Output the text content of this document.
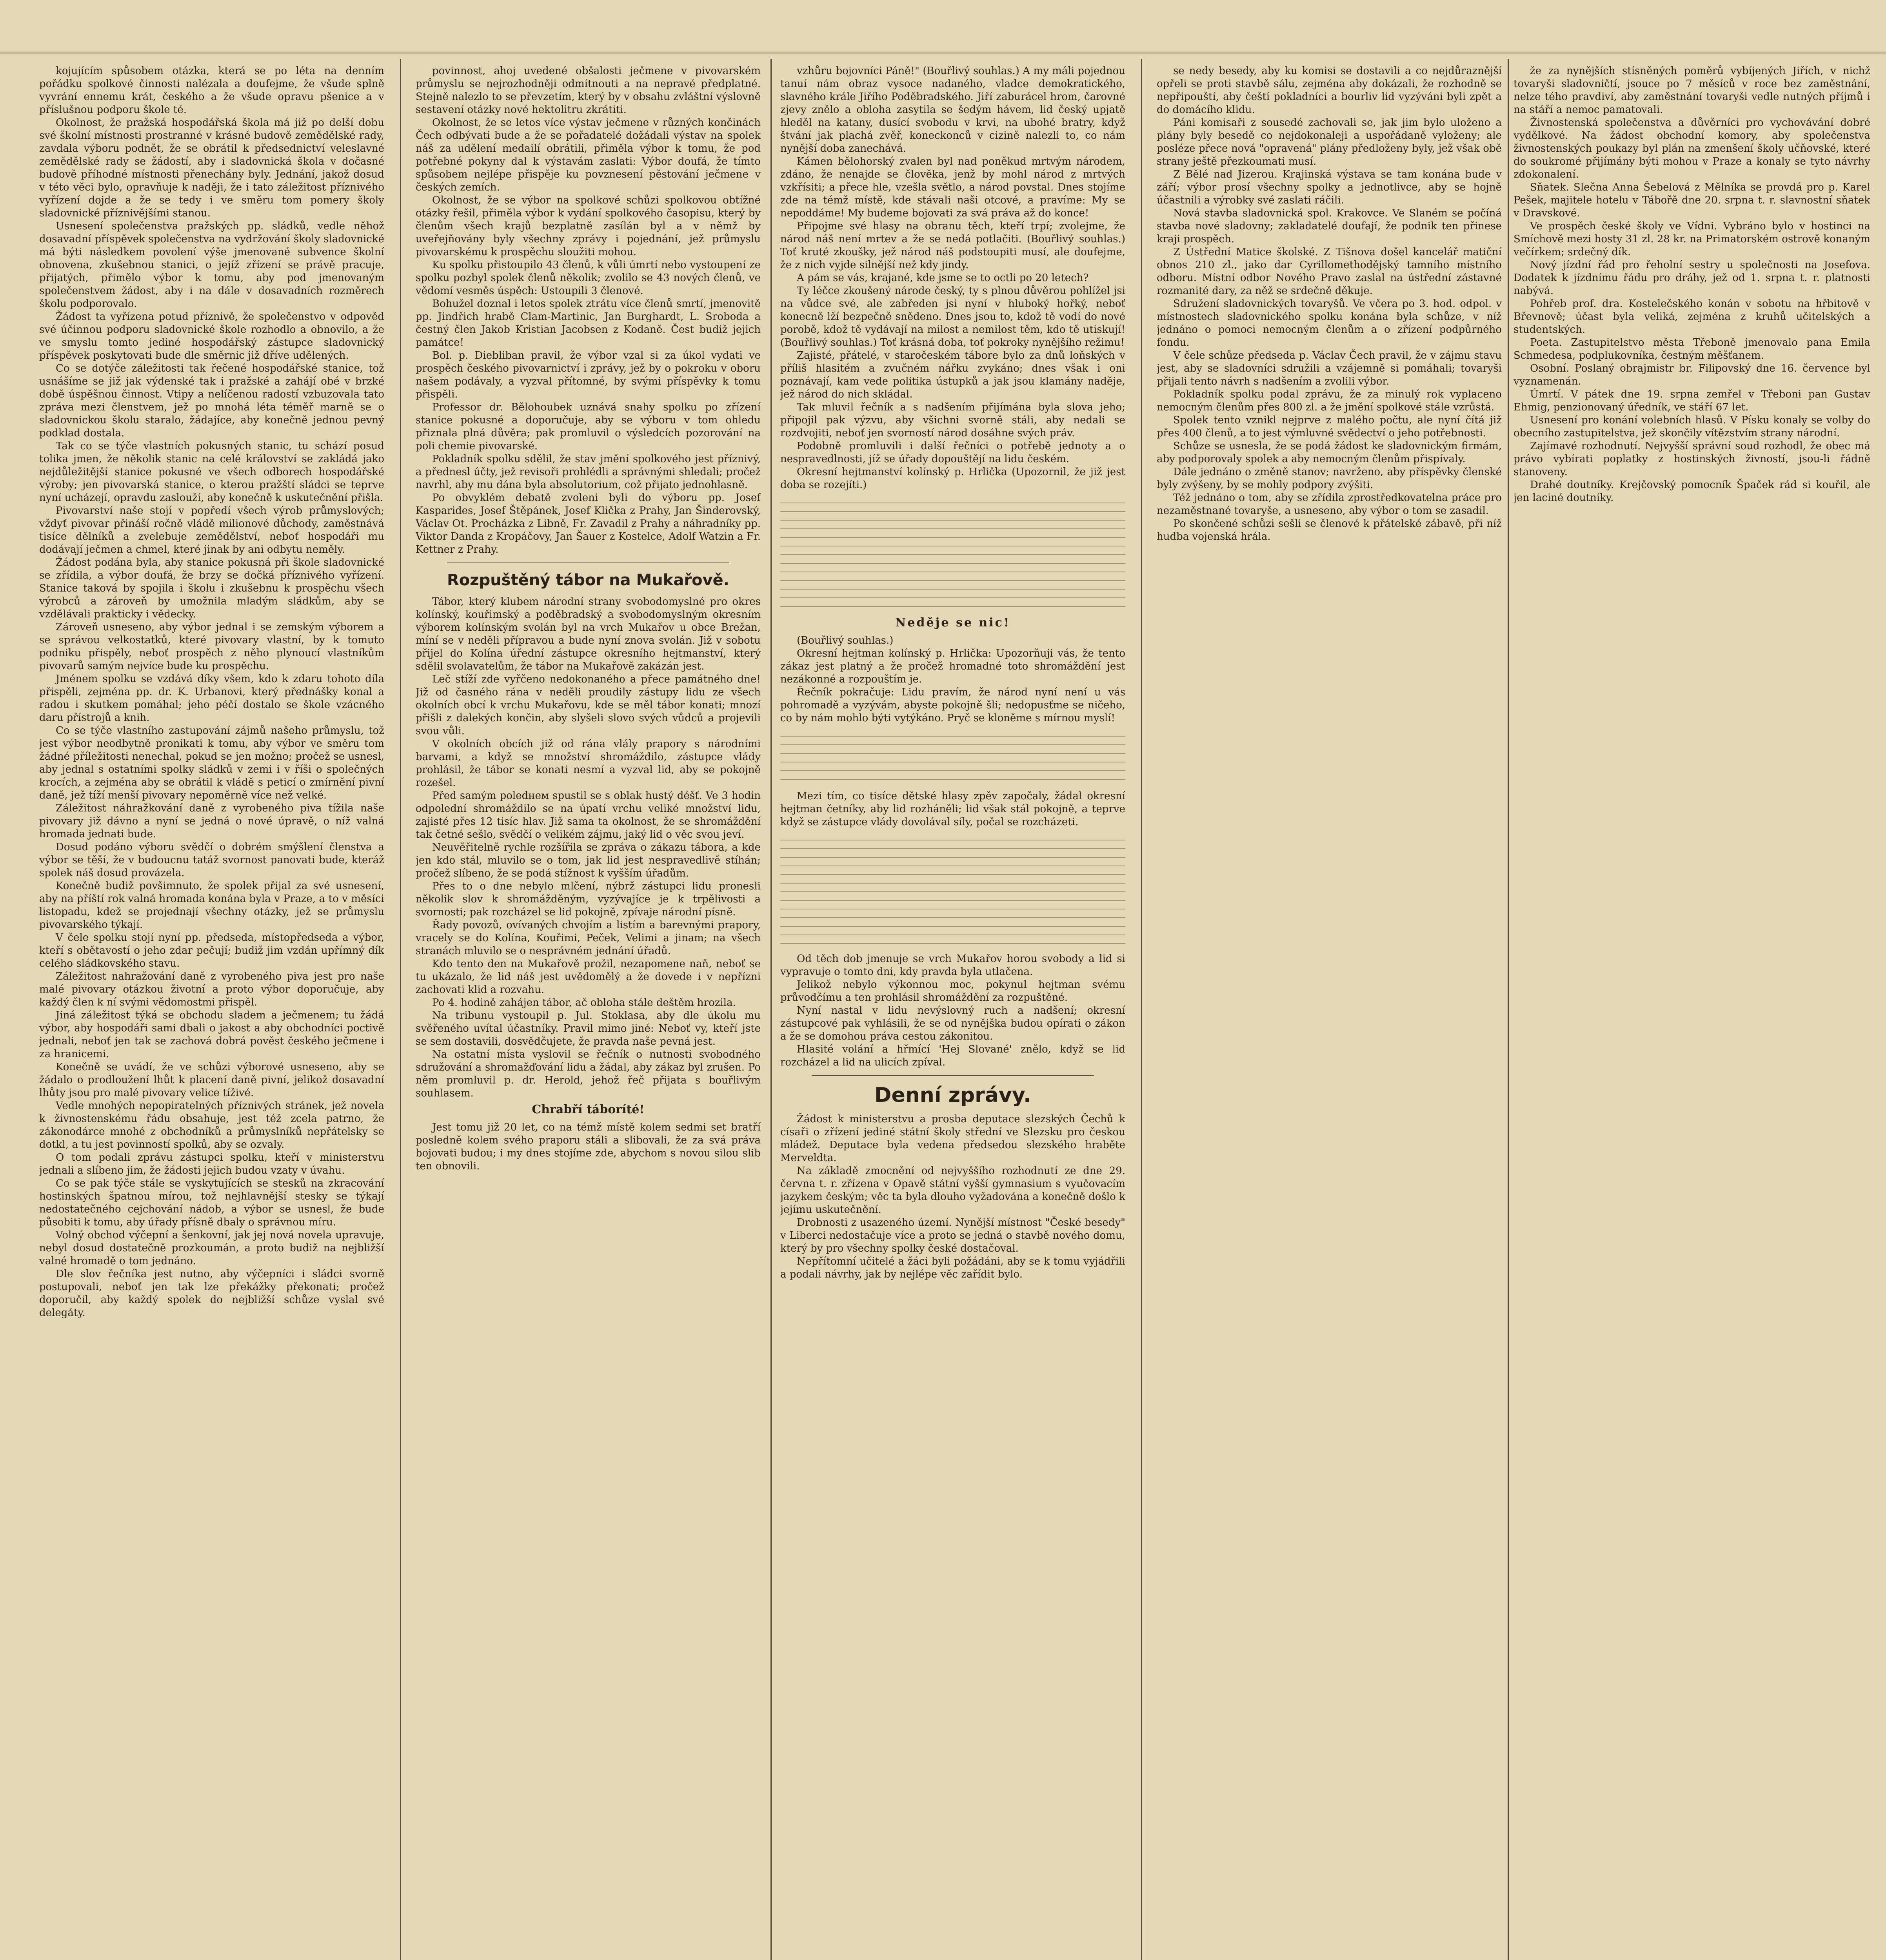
kojujícím spůsobem otázka, která se po léta na denním pořádku spolkové činnosti nalézala a doufejme, že všude splně vyvrání ennemu krát, českého a že všude opravu pšenice a v příslušnou podporu škole té.

Okolnost, že pražská hospodářská škola má již po delší dobu své školní místnosti prostranné v krásné budově zemědělské rady, zavdala výboru podnět, že se obrátil k předsednictví veleslavné zemědělské rady se žádostí, aby i sladovnická škola v dočasné budově příhodné místnosti přenechány byly. Jednání, jakož dosud v této věci bylo, opravňuje k naději, že i tato záležitost příznivého vyřízení dojde a že se tedy i ve směru tom pomery školy sladovnické příznivějšími stanou.

Usnesení společenstva pražských pp. sládků, vedle něhož dosavadní příspěvek společenstva na vydržování školy sladovnické má býti následkem povolení výše jmenované subvence školní obnovena, zkušebnou stanici, o jejíž zřízení se právě pracuje, přijatých, přimělo výbor k tomu, aby pod jmenovaným společenstvem žádost, aby i na dále v dosavadních rozměrech školu podporovalo.

Žádost ta vyřízena potud příznivě, že společenstvo v odpověď své účinnou podporu sladovnické škole rozhodlo a obnovilo, a že ve smyslu tomto jediné hospodářský zástupce sladovnický příspěvek poskytovati bude dle směrnic již dříve udělených.

Co se dotýče záležitosti tak řečené hospodářské stanice, tož usnášíme se již jak výdenské tak i pražské a zahájí obé v brzké době úspěšnou činnost. Vtipy a nelíčenou radostí vzbuzovala tato zpráva mezi členstvem, jež po mnohá léta téměř marně se o sladovnickou školu staralo, žádajíce, aby konečně jednou pevný podklad dostala.

Tak co se týče vlastních pokusných stanic, tu schází posud tolika jmen, že několik stanic na celé království se zakládá jako nejdůležitější stanice pokusné ve všech odborech hospodářské výroby; jen pivovarská stanice, o kterou pražští sládci se teprve nyní ucházejí, opravdu zaslouží, aby konečně k uskutečnění přišla.

Pivovarství naše stojí v popředí všech výrob průmyslových; vždyť pivovar přináší ročně vládě milionové důchody, zaměstnává tisíce dělníků a zvelebuje zemědělství, neboť hospodáři mu dodávají ječmen a chmel, které jinak by ani odbytu neměly.

Žádost podána byla, aby stanice pokusná při škole sladovnické se zřídila, a výbor doufá, že brzy se dočká příznivého vyřízení. Stanice taková by spojila i školu i zkušebnu k prospěchu všech výrobců a zároveň by umožnila mladým sládkům, aby se vzdělávali prakticky i vědecky.

Zároveň usneseno, aby výbor jednal i se zemským výborem a se správou velkostatků, které pivovary vlastní, by k tomuto podniku přispěly, neboť prospěch z něho plynoucí vlastníkům pivovarů samým nejvíce bude ku prospěchu.

Jménem spolku se vzdává díky všem, kdo k zdaru tohoto díla přispěli, zejména pp. dr. K. Urbanovi, který přednášky konal a radou i skutkem pomáhal; jeho péčí dostalo se škole vzácného daru přístrojů a knih.

Co se týče vlastního zastupování zájmů našeho průmyslu, tož jest výbor neodbytně pronikati k tomu, aby výbor ve směru tom žádné příležitosti nenechal, pokud se jen možno; pročež se usnesl, aby jednal s ostatními spolky sládků v zemi i v říši o společných krocích, a zejména aby se obrátil k vládě s peticí o zmírnění pivní daně, jež tíží menší pivovary nepoměrně více než velké.

Záležitost náhražkování daně z vyrobeného piva tížila naše pivovary již dávno a nyní se jedná o nové úpravě, o níž valná hromada jednati bude.

Dosud podáno výboru svědčí o dobrém smýšlení členstva a výbor se těší, že v budoucnu tatáž svornost panovati bude, kteráž spolek náš dosud provázela.

Konečně budiž povšimnuto, že spolek přijal za své usnesení, aby na příští rok valná hromada konána byla v Praze, a to v měsíci listopadu, kdež se projednají všechny otázky, jež se průmyslu pivovarského týkají.

V čele spolku stojí nyní pp. předseda, místopředseda a výbor, kteří s obětavostí o jeho zdar pečují; budiž jim vzdán upřímný dík celého sládkovského stavu.

Záležitost nahražování daně z vyrobeného piva jest pro naše malé pivovary otázkou životní a proto výbor doporučuje, aby každý člen k ní svými vědomostmi přispěl.

Jiná záležitost týká se obchodu sladem a ječmenem; tu žádá výbor, aby hospodáři sami dbali o jakost a aby obchodníci poctivě jednali, neboť jen tak se zachová dobrá pověst českého ječmene i za hranicemi.

Konečně se uvádí, že ve schůzi výborové usneseno, aby se žádalo o prodloužení lhůt k placení daně pivní, jelikož dosavadní lhůty jsou pro malé pivovary velice tíživé.

Vedle mnohých nepopiratelných příznivých stránek, jež novela k živnostenskému řádu obsahuje, jest též zcela patrno, že zákonodárce mnohé z obchodníků a průmyslníků nepřátelsky se dotkl, a tu jest povinností spolků, aby se ozvaly.

O tom podali zprávu zástupci spolku, kteří v ministerstvu jednali a slíbeno jim, že žádosti jejich budou vzaty v úvahu.

Co se pak týče stále se vyskytujících se stesků na zkracování hostinských špatnou mírou, tož nejhlavnější stesky se týkají nedostatečného cejchování nádob, a výbor se usnesl, že bude působiti k tomu, aby úřady přísně dbaly o správnou míru.

Volný obchod výčepní a šenkovní, jak jej nová novela upravuje, nebyl dosud dostatečně prozkoumán, a proto budiž na nejbližší valné hromadě o tom jednáno.

Dle slov řečníka jest nutno, aby výčepníci i sládci svorně postupovali, neboť jen tak lze překážky překonati; pročež doporučil, aby každý spolek do nejbližší schůze vyslal své delegáty.

povinnost, ahoj uvedené obšalosti ječmene v pivovarském průmyslu se nejrozhodněji odmítnouti a na nepravé předplatné. Stejně nalezlo to se převzetím, který by v obsahu zvláštní výslovně sestavení otázky nové hektolitru zkrátiti.

Okolnost, že se letos více výstav ječmene v různých končinách Čech odbývati bude a že se pořadatelé dožádali výstav na spolek náš za udělení medailí obrátili, přiměla výbor k tomu, že pod potřebné pokyny dal k výstavám zaslati: Výbor doufá, že tímto spůsobem nejlépe přispěje ku povznesení pěstování ječmene v českých zemích.

Okolnost, že se výbor na spolkové schůzi spolkovou obtížné otázky řešil, přiměla výbor k vydání spolkového časopisu, který by členům všech krajů bezplatně zasílán byl a v němž by uveřejňovány byly všechny zprávy i pojednání, jež průmyslu pivovarskému k prospěchu sloužiti mohou.

Ku spolku přistoupilo 43 členů, k vůli úmrtí nebo vystoupení ze spolku pozbyl spolek členů několik; zvolilo se 43 nových členů, ve vědomí vesměs úspěch: Ustoupili 3 členové.

Bohužel doznal i letos spolek ztrátu více členů smrtí, jmenovitě pp. Jindřich hrabě Clam-Martinic, Jan Burghardt, L. Sroboda a čestný člen Jakob Kristian Jacobsen z Kodaně. Čest budiž jejich památce!

Bol. p. Diebliban pravil, že výbor vzal si za úkol vydati ve prospěch českého pivovarnictví i zprávy, jež by o pokroku v oboru našem podávaly, a vyzval přítomné, by svými příspěvky k tomu přispěli.

Professor dr. Bělohoubek uznává snahy spolku po zřízení stanice pokusné a doporučuje, aby se výboru v tom ohledu přiznala plná důvěra; pak promluvil o výsledcích pozorování na poli chemie pivovarské.

Pokladník spolku sdělil, že stav jmění spolkového jest příznivý, a přednesl účty, jež revisoři prohlédli a správnými shledali; pročež navrhl, aby mu dána byla absolutorium, což přijato jednohlasně.

Po obvyklém debatě zvoleni byli do výboru pp. Josef Kasparides, Josef Štěpánek, Josef Klička z Prahy, Jan Šinderovský, Václav Ot. Procházka z Libně, Fr. Zavadil z Prahy a náhradníky pp. Viktor Danda z Kropáčovy, Jan Šauer z Kostelce, Adolf Watzin a Fr. Kettner z Prahy.

Rozpuštěný tábor na Mukařově.

Tábor, který klubem národní strany svobodomyslné pro okres kolínský, kouřimský a poděbradský a svobodomyslným okresním výborem kolínským svolán byl na vrch Mukařov u obce Brežan, míní se v neděli přípravou a bude nyní znova svolán. Již v sobotu přijel do Kolína úřední zástupce okresního hejtmanství, který sdělil svolavatelům, že tábor na Mukařově zakázán jest.

Leč stíží zde vyřčeno nedokonaného a přece památného dne! Již od časného rána v neděli proudily zástupy lidu ze všech okolních obcí k vrchu Mukařovu, kde se měl tábor konati; mnozí přišli z dalekých končin, aby slyšeli slovo svých vůdců a projevili svou vůli.

V okolních obcích již od rána vlály prapory s národními barvami, a když se množství shromáždilo, zástupce vlády prohlásil, že tábor se konati nesmí a vyzval lid, aby se pokojně rozešel.

Před samým poledнем spustil se s oblak hustý déšť. Ve 3 hodin odpolední shromáždilo se na úpatí vrchu veliké množství lidu, zajisté přes 12 tisíc hlav. Již sama ta okolnost, že se shromáždění tak četné sešlo, svědčí o velikém zájmu, jaký lid o věc svou jeví.

Neuvěřitelně rychle rozšířila se zpráva o zákazu tábora, a kde jen kdo stál, mluvilo se o tom, jak lid jest nespravedlivě stíhán; pročež slíbeno, že se podá stížnost k vyšším úřadům.

Přes to o dne nebylo mlčení, nýbrž zástupci lidu pronesli několik slov k shromážděným, vyzývajíce je k trpělivosti a svornosti; pak rozcházel se lid pokojně, zpívaje národní písně.

Řady povozů, ovívaných chvojím a listím a barevnými prapory, vracely se do Kolína, Kouřimi, Peček, Velimi a jinam; na všech stranách mluvilo se o nesprávném jednání úřadů.

Kdo tento den na Mukařově prožil, nezapomene naň, neboť se tu ukázalo, že lid náš jest uvědomělý a že dovede i v nepřízni zachovati klid a rozvahu.

Po 4. hodině zahájen tábor, ač obloha stále deštěm hrozila.

Na tribunu vystoupil p. Jul. Stoklasa, aby dle úkolu mu svěřeného uvítal účastníky. Pravil mimo jiné: Neboť vy, kteří jste se sem dostavili, dosvědčujete, že pravda naše pevná jest.

Na ostatní místa vyslovil se řečník o nutnosti svobodného sdružování a shromažďování lidu a žádal, aby zákaz byl zrušen. Po něm promluvil p. dr. Herold, jehož řeč přijata s bouřlivým souhlasem.

Chrabří táboríté!

Jest tomu již 20 let, co na témž místě kolem sedmi set bratří posledně kolem svého praporu stáli a slibovali, že za svá práva bojovati budou; i my dnes stojíme zde, abychom s novou silou slib ten obnovili.

vzhůru bojovníci Páně!" (Bouřlivý souhlas.) A my máli pojednou tanuí nám obraz vysoce nadaného, vladce demokratického, slavného krále Jiřího Poděbradského. Jiří zaburácel hrom, čarovné zjevy znělo a obloha zasytila se šedým hávem, lid český upjatě hleděl na katany, dusící svobodu v krvi, na ubohé bratry, když štvání jak plachá zvěř, koneckonců v cizině nalezli to, co nám nynější doba zanechává.

Kámen bělohorský zvalen byl nad poněkud mrtvým národem, zdáno, že nenajde se člověka, jenž by mohl národ z mrtvých vzkřísiti; a přece hle, vzešla světlo, a národ povstal. Dnes stojíme zde na témž místě, kde stávali naši otcové, a pravíme: My se nepoddáme! My budeme bojovati za svá práva až do konce!

Připojme své hlasy na obranu těch, kteří trpí; zvolejme, že národ náš není mrtev a že se nedá potlačiti. (Bouřlivý souhlas.) Toť kruté zkoušky, jež národ náš podstoupiti musí, ale doufejme, že z nich vyjde silnější než kdy jindy.

A pám se vás, krajané, kde jsme se to octli po 20 letech?

Ty léčce zkoušený národe český, ty s plnou důvěrou pohlížel jsi na vůdce své, ale zabředen jsi nyní v hluboký hořký, neboť konecně lží bezpečně snědeno. Dnes jsou to, kdož tě vodí do nové porobě, kdož tě vydávají na milost a nemilost těm, kdo tě utiskují! (Bouřlivý souhlas.) Toť krásná doba, toť pokroky nynějšího režimu!

Zajisté, přátelé, v staročeském tábore bylo za dnů loňských v příliš hlasitém a zvučném nářku zvykáno; dnes však i oni poznávají, kam vede politika ústupků a jak jsou klamány naděje, jež národ do nich skládal.

Tak mluvil řečník a s nadšením přijímána byla slova jeho; připojil pak výzvu, aby všichni svorně stáli, aby nedali se rozdvojiti, neboť jen svorností národ dosáhne svých práv.

Podobně promluvili i další řečníci o potřebě jednoty a o nespravedlnosti, jíž se úřady dopouštějí na lidu českém.

Okresní hejtmanství kolínský p. Hrlička (Upozornil, že již jest doba se rozejíti.)

Neděje se nic!

(Bouřlivý souhlas.)

Okresní hejtman kolínský p. Hrlička: Upozorňuji vás, že tento zákaz jest platný a že pročež hromadné toto shromáždění jest nezákonné a rozpouštím je.

Řečník pokračuje: Lidu pravím, že národ nyní není u vás pohromadě a vyzývám, abyste pokojně šli; nedopusťme se ničeho, co by nám mohlo býti vytýkáno. Pryč se kloněme s mírnou myslí!

Mezi tím, co tisíce dětské hlasy zpěv započaly, žádal okresní hejtman četníky, aby lid rozháněli; lid však stál pokojně, a teprve když se zástupce vlády dovolával síly, počal se rozcházeti.

Od těch dob jmenuje se vrch Mukařov horou svobody a lid si vypravuje o tomto dni, kdy pravda byla utlačena.

Jelikož nebylo výkonnou moc, pokynul hejtman svému průvodčímu a ten prohlásil shromáždění za rozpuštěné.

Nyní nastal v lidu nevýslovný ruch a nadšení; okresní zástupcové pak vyhlásili, že se od nynějška budou opírati o zákon a že se domohou práva cestou zákonitou.

Hlasité volání a hřmící 'Hej Slované' znělo, když se lid rozcházel a lid na ulicích zpíval.

Denní zprávy.

Žádost k ministerstvu a prosba deputace slezských Čechů k císaři o zřízení jediné státní školy střední ve Slezsku pro českou mládež. Deputace byla vedena předsedou slezského hraběte Merveldta.

Na základě zmocnění od nejvyššího rozhodnutí ze dne 29. června t. r. zřízena v Opavě státní vyšší gymnasium s vyučovacím jazykem českým; věc ta byla dlouho vyžadována a konečně došlo k jejímu uskutečnění.

Drobnosti z usazeného území. Nynější místnost "České besedy" v Liberci nedostačuje více a proto se jedná o stavbě nového domu, který by pro všechny spolky české dostačoval.

Nepřítomní učitelé a žáci byli požádáni, aby se k tomu vyjádřili a podali návrhy, jak by nejlépe věc zařídit bylo.

se nedy besedy, aby ku komisi se dostavili a co nejdůraznější opřeli se proti stavbě sálu, zejména aby dokázali, že rozhodně se nepřipouští, aby čeští pokladníci a bourliv lid vyzýváni byli zpět a do domácího klidu.

Páni komisaři z sousedé zachovali se, jak jim bylo uloženo a plány byly besedě co nejdokonaleji a uspořádaně vyloženy; ale posléze přece nová "opravená" plány předloženy byly, jež však obě strany ještě přezkoumati musí.

Z Bělé nad Jizerou. Krajinská výstava se tam konána bude v září; výbor prosí všechny spolky a jednotlivce, aby se hojně účastnili a výrobky své zaslati ráčili.

Nová stavba sladovnická spol. Krakovce. Ve Slaném se počíná stavba nové sladovny; zakladatelé doufají, že podnik ten přinese kraji prospěch.

Z Ústřední Matice školské. Z Tišnova došel kancelář matiční obnos 210 zl., jako dar Cyrillomethodějský tamního místního odboru. Místní odbor Nového Pravo zaslal na ústřední zástavné rozmanité dary, za něž se srdečně děkuje.

Sdružení sladovnických tovaryšů. Ve včera po 3. hod. odpol. v místnostech sladovnického spolku konána byla schůze, v níž jednáno o pomoci nemocným členům a o zřízení podpůrného fondu.

V čele schůze předseda p. Václav Čech pravil, že v zájmu stavu jest, aby se sladovníci sdružili a vzájemně si pomáhali; tovaryši přijali tento návrh s nadšením a zvolili výbor.

Pokladník spolku podal zprávu, že za minulý rok vyplaceno nemocným členům přes 800 zl. a že jmění spolkové stále vzrůstá.

Spolek tento vznikl nejprve z malého počtu, ale nyní čítá již přes 400 členů, a to jest výmluvné svědectví o jeho potřebnosti.

Schůze se usnesla, že se podá žádost ke sladovnickým firmám, aby podporovaly spolek a aby nemocným členům přispívaly.

Dále jednáno o změně stanov; navrženo, aby příspěvky členské byly zvýšeny, by se mohly podpory zvýšiti.

Též jednáno o tom, aby se zřídila zprostředkovatelna práce pro nezaměstnané tovaryše, a usneseno, aby výbor o tom se zasadil.

Po skončené schůzi sešli se členové k přátelské zábavě, při níž hudba vojenská hrála.

že za nynějších stísněných poměrů vybíjených Jiřích, v nichž tovaryši sladovničtí, jsouce po 7 měsíců v roce bez zaměstnání, nelze tého pravdiví, aby zaměstnání tovaryši vedle nutných příjmů i na stáří a nemoc pamatovali.

Živnostenská společenstva a důvěrníci pro vychovávání dobré vydělkové. Na žádost obchodní komory, aby společenstva živnostenských poukazy byl plán na zmenšení školy učňovské, které do soukromé přijímány býti mohou v Praze a konaly se tyto návrhy zdokonalení.

Sňatek. Slečna Anna Šebelová z Mělníka se provdá pro p. Karel Pešek, majitele hotelu v Tábořě dne 20. srpna t. r. slavnostní sňatek v Dravskové.

Ve prospěch české školy ve Vídni. Vybráno bylo v hostinci na Smíchově mezi hosty 31 zl. 28 kr. na Primatorském ostrově konaným večírkem; srdečný dík.

Nový jízdní řád pro řeholní sestry u společnosti na Josefova. Dodatek k jízdnímu řádu pro dráhy, jež od 1. srpna t. r. platnosti nabývá.

Pohřeb prof. dra. Kostelečského konán v sobotu na hřbitově v Břevnově; účast byla veliká, zejména z kruhů učitelských a studentských.

Poeta. Zastupitelstvo města Třeboně jmenovalo pana Emila Schmedesa, podplukovníka, čestným měšťanem.

Osobní. Poslaný obrajmistr br. Filipovský dne 16. července byl vyznamenán.

Úmrtí. V pátek dne 19. srpna zemřel v Třeboni pan Gustav Ehmig, penzionovaný úředník, ve stáří 67 let.

Usnesení pro konání volebních hlasů. V Písku konaly se volby do obecního zastupitelstva, jež skončily vítězstvím strany národní.

Zajímavé rozhodnutí. Nejvyšší správní soud rozhodl, že obec má právo vybírati poplatky z hostinských živností, jsou-li řádně stanoveny.

Drahé doutníky. Krejčovský pomocník Špaček rád si kouřil, ale jen laciné doutníky.
